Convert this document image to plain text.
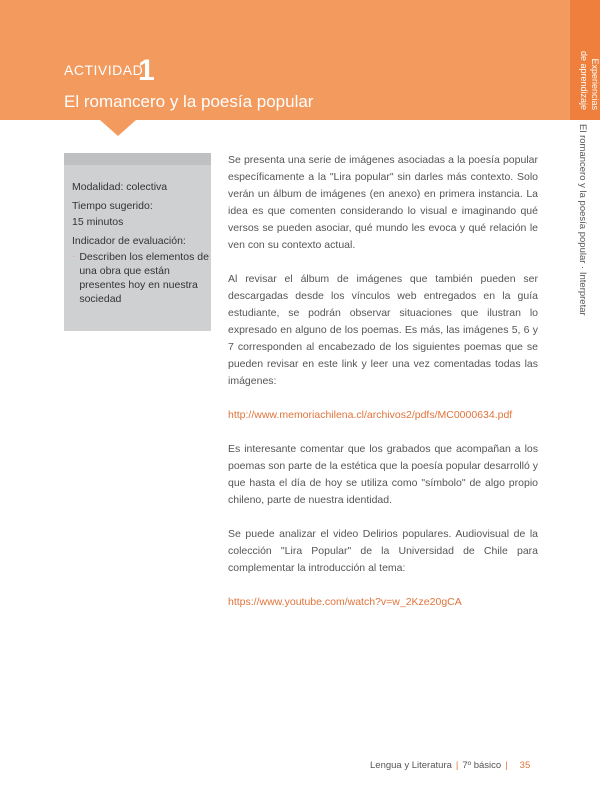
ACTIVIDAD
1
El romancero y la poesía popular	Experiencias
de aprendizaje
El romancero y la poesía popular · Interpretar
Modalidad: colectiva
Tiempo sugerido:
15 minutos
Indicador de evaluación:
· Describen los elementos de una obra que están presentes hoy en nuestra sociedad

Se presenta una serie de imágenes asociadas a la poesía popular específicamente a la "Lira popular" sin darles más contexto. Solo verán un álbum de imágenes (en anexo) en primera instancia. La idea es que comenten considerando lo visual e imaginando qué versos se pueden asociar, qué mundo les evoca y qué relación le ven con su contexto actual.

Al revisar el álbum de imágenes que también pueden ser descargadas desde los vínculos web entregados en la guía estudiante, se podrán observar situaciones que ilustran lo expresado en alguno de los poemas. Es más, las imágenes 5, 6 y 7 corresponden al encabezado de los siguientes poemas que se pueden revisar en este link y leer una vez comentadas todas las imágenes:

http://www.memoriachilena.cl/archivos2/pdfs/MC0000634.pdf

Es interesante comentar que los grabados que acompañan a los poemas son parte de la estética que la poesía popular desarrolló y que hasta el día de hoy se utiliza como "símbolo" de algo propio chileno, parte de nuestra identidad.

Se puede analizar el video Delirios populares. Audiovisual de la colección "Lira Popular" de la Universidad de Chile para complementar la introducción al tema:

https://www.youtube.com/watch?v=w_2Kze20gCA

Lengua y Literatura | 7º básico | 35
